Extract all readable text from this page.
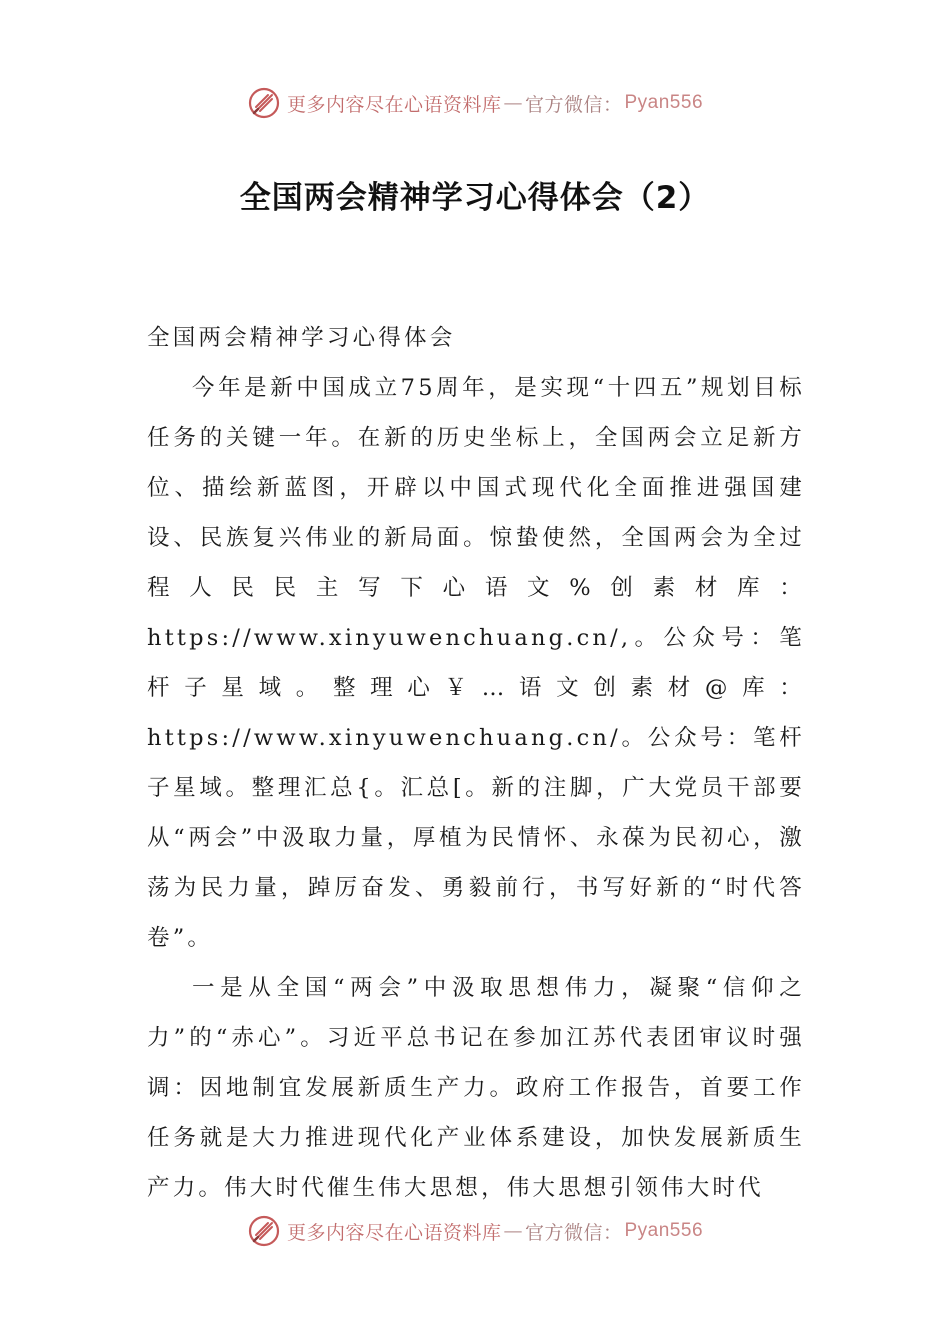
更多内容尽在心语资料库 — 官方微信： Pyan556
全国两会精神学习心得体会（2）

全国两会精神学习心得体会

今年是新中国成立75周年，是实现“十四五”规划目标任务的关键一年。在新的历史坐标上，全国两会立足新方位、描绘新蓝图，开辟以中国式现代化全面推进强国建设、民族复兴伟业的新局面。惊蛰使然，全国两会为全过程人民民主写下心语文%创素材库：https://www.xinyuwenchuang.cn/,。公众号：笔杆子星域。整理心￥…语文创素材@库：https://www.xinyuwenchuang.cn/。公众号：笔杆子星域。整理汇总{。汇总[。新的注脚，广大党员干部要从“两会”中汲取力量，厚植为民情怀、永葆为民初心，激荡为民力量，踔厉奋发、勇毅前行，书写好新的“时代答卷”。

一是从全国“两会”中汲取思想伟力，凝聚“信仰之力”的“赤心”。习近平总书记在参加江苏代表团审议时强调：因地制宜发展新质生产力。政府工作报告，首要工作任务就是大力推进现代化产业体系建设，加快发展新质生产力。伟大时代催生伟大思想，伟大思想引领伟大时代

更多内容尽在心语资料库 — 官方微信： Pyan556
